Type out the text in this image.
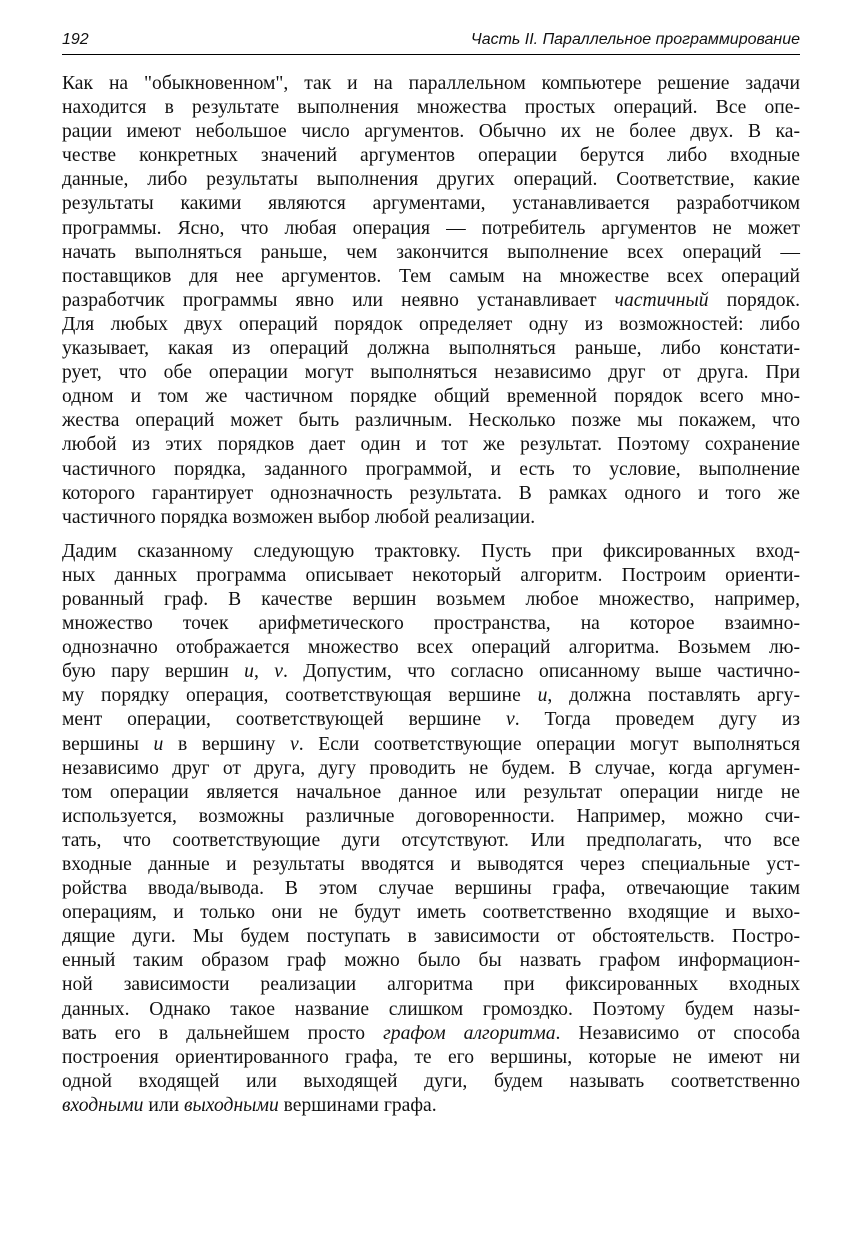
192	Часть II. Параллельное программирование

Как на "обыкновенном", так и на параллельном компьютере решение задачи
находится в результате выполнения множества простых операций. Все опе-
рации имеют небольшое число аргументов. Обычно их не более двух. В ка-
честве конкретных значений аргументов операции берутся либо входные
данные, либо результаты выполнения других операций. Соответствие, какие
результаты какими являются аргументами, устанавливается разработчиком
программы. Ясно, что любая операция — потребитель аргументов не может
начать выполняться раньше, чем закончится выполнение всех операций —
поставщиков для нее аргументов. Тем самым на множестве всех операций
разработчик программы явно или неявно устанавливает частичный порядок.
Для любых двух операций порядок определяет одну из возможностей: либо
указывает, какая из операций должна выполняться раньше, либо констати-
рует, что обе операции могут выполняться независимо друг от друга. При
одном и том же частичном порядке общий временной порядок всего мно-
жества операций может быть различным. Несколько позже мы покажем, что
любой из этих порядков дает один и тот же результат. Поэтому сохранение
частичного порядка, заданного программой, и есть то условие, выполнение
которого гарантирует однозначность результата. В рамках одного и того же
частичного порядка возможен выбор любой реализации.

Дадим сказанному следующую трактовку. Пусть при фиксированных вход-
ных данных программа описывает некоторый алгоритм. Построим ориенти-
рованный граф. В качестве вершин возьмем любое множество, например,
множество точек арифметического пространства, на которое взаимно-
однозначно отображается множество всех операций алгоритма. Возьмем лю-
бую пару вершин u, v. Допустим, что согласно описанному выше частично-
му порядку операция, соответствующая вершине u, должна поставлять аргу-
мент операции, соответствующей вершине v. Тогда проведем дугу из
вершины u в вершину v. Если соответствующие операции могут выполняться
независимо друг от друга, дугу проводить не будем. В случае, когда аргумен-
том операции является начальное данное или результат операции нигде не
используется, возможны различные договоренности. Например, можно счи-
тать, что соответствующие дуги отсутствуют. Или предполагать, что все
входные данные и результаты вводятся и выводятся через специальные уст-
ройства ввода/вывода. В этом случае вершины графа, отвечающие таким
операциям, и только они не будут иметь соответственно входящие и выхо-
дящие дуги. Мы будем поступать в зависимости от обстоятельств. Постро-
енный таким образом граф можно было бы назвать графом информацион-
ной зависимости реализации алгоритма при фиксированных входных
данных. Однако такое название слишком громоздко. Поэтому будем назы-
вать его в дальнейшем просто графом алгоритма. Независимо от способа
построения ориентированного графа, те его вершины, которые не имеют ни
одной входящей или выходящей дуги, будем называть соответственно
входными или выходными вершинами графа.
